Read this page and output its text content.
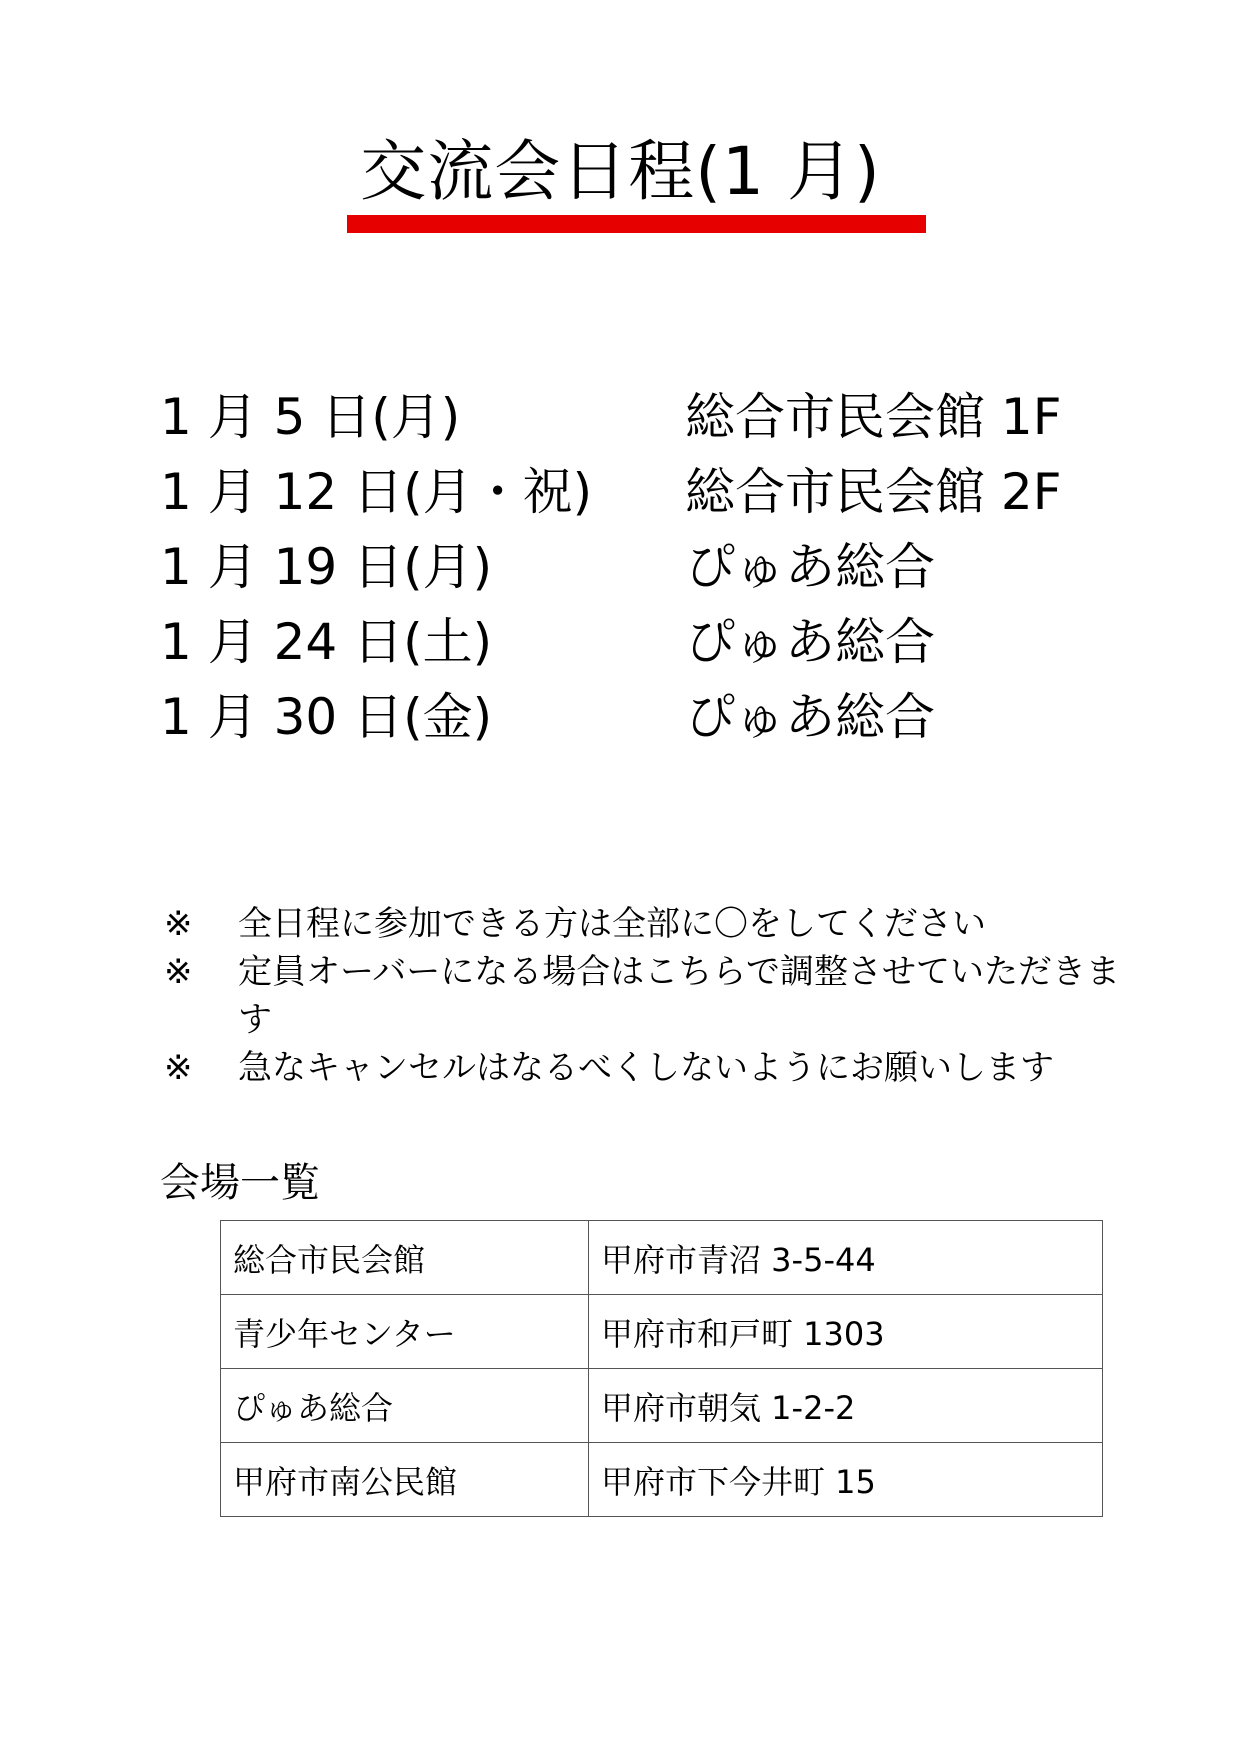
交流会日程(1 月)
1 月 5 日(月)	総合市民会館 1F
1 月 12 日(月・祝) 総合市民会館 2F
1 月 19 日(月)	ぴゅあ総合
1 月 24 日(土)	ぴゅあ総合
1 月 30 日(金)	ぴゅあ総合
※ 全日程に参加できる方は全部に〇をしてください
※ 定員オーバーになる場合はこちらで調整させていただきます
※ 急なキャンセルはなるべくしないようにお願いします
会場一覧
総合市民会館	甲府市青沼 3-5-44
青少年センター	甲府市和戸町 1303
ぴゅあ総合	甲府市朝気 1-2-2
甲府市南公民館	甲府市下今井町 15
